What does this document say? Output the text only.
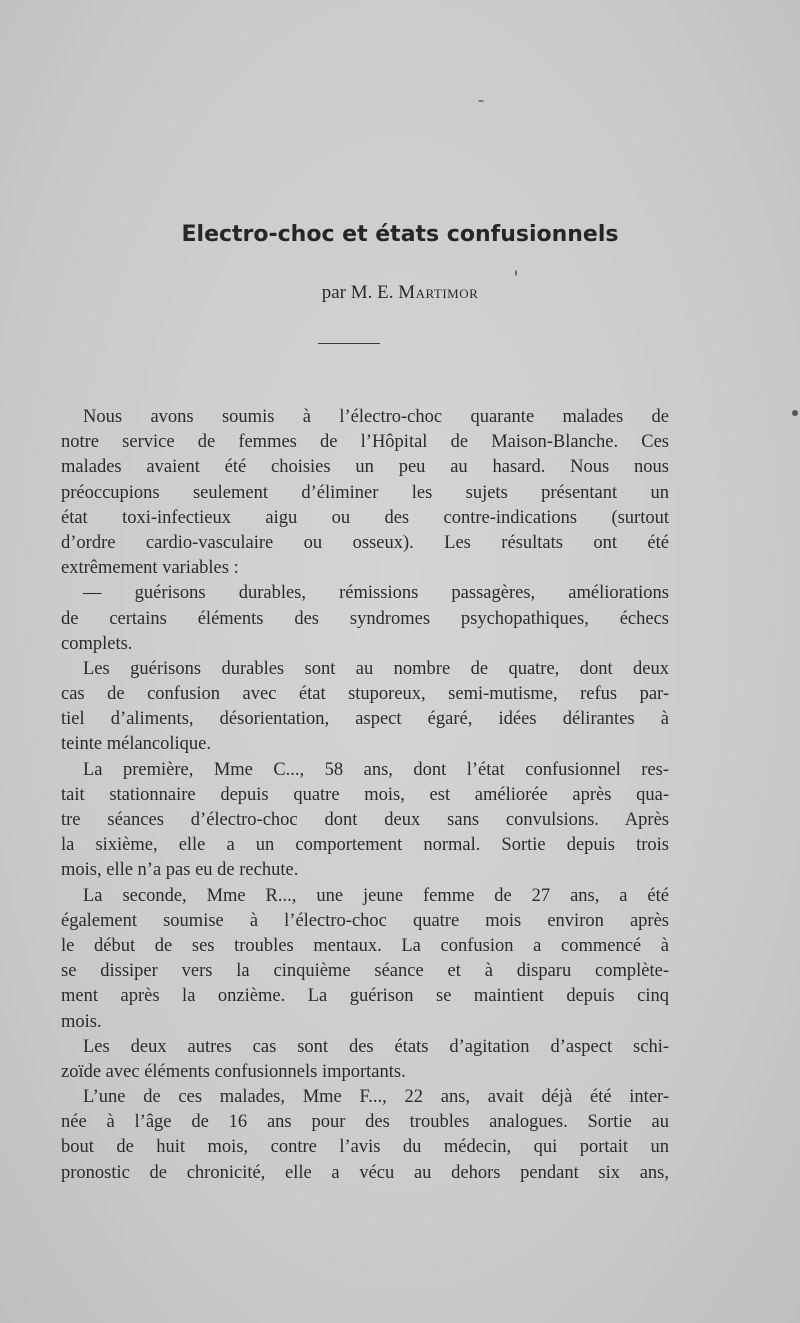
Electro-choc et états confusionnels
par M. E. Martimor
Nous avons soumis à l’électro-choc quarante malades de
notre service de femmes de l’Hôpital de Maison-Blanche. Ces
malades avaient été choisies un peu au hasard. Nous nous
préoccupions seulement d’éliminer les sujets présentant un
état toxi-infectieux aigu ou des contre-indications (surtout
d’ordre cardio-vasculaire ou osseux). Les résultats ont été
extrêmement variables :
— guérisons durables, rémissions passagères, améliorations
de certains éléments des syndromes psychopathiques, échecs
complets.
Les guérisons durables sont au nombre de quatre, dont deux
cas de confusion avec état stuporeux, semi-mutisme, refus par-
tiel d’aliments, désorientation, aspect égaré, idées délirantes à
teinte mélancolique.
La première, Mme C..., 58 ans, dont l’état confusionnel res-
tait stationnaire depuis quatre mois, est améliorée après qua-
tre séances d’électro-choc dont deux sans convulsions. Après
la sixième, elle a un comportement normal. Sortie depuis trois
mois, elle n’a pas eu de rechute.
La seconde, Mme R..., une jeune femme de 27 ans, a été
également soumise à l’électro-choc quatre mois environ après
le début de ses troubles mentaux. La confusion a commencé à
se dissiper vers la cinquième séance et à disparu complète-
ment après la onzième. La guérison se maintient depuis cinq
mois.
Les deux autres cas sont des états d’agitation d’aspect schi-
zoïde avec éléments confusionnels importants.
L’une de ces malades, Mme F..., 22 ans, avait déjà été inter-
née à l’âge de 16 ans pour des troubles analogues. Sortie au
bout de huit mois, contre l’avis du médecin, qui portait un
pronostic de chronicité, elle a vécu au dehors pendant six ans,
